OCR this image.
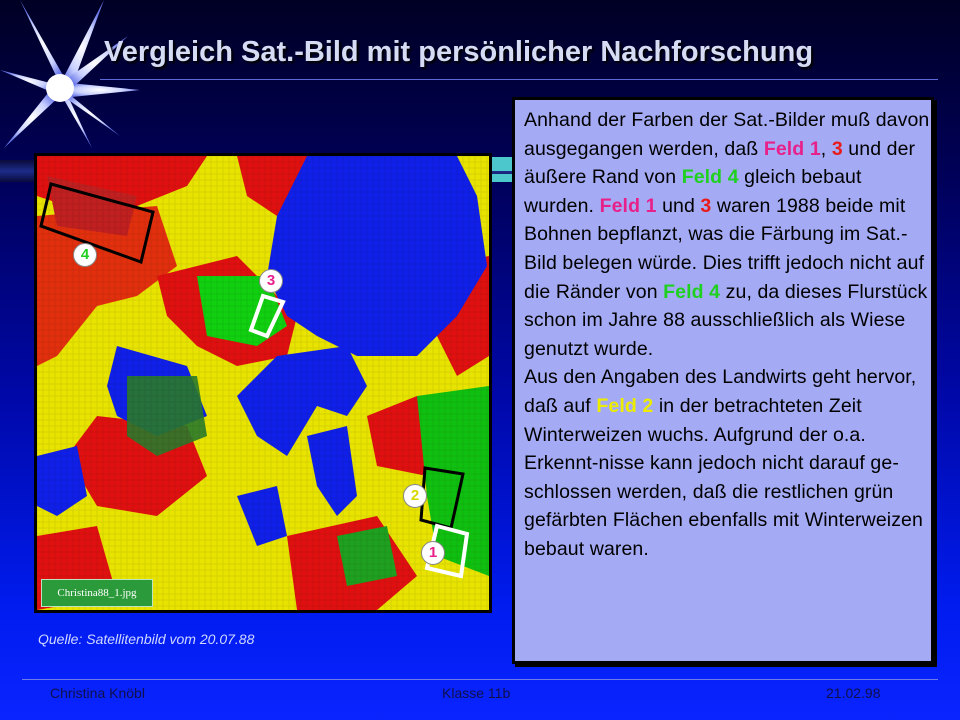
Vergleich Sat.-Bild mit persönlicher Nachforschung
4
3
2
1
Christina88_1.jpg
Quelle: Satellitenbild vom 20.07.88
Anhand der Farben der Sat.-Bilder muß davon ausgegangen werden, daß Feld 1, 3 und der äußere Rand von Feld 4 gleich bebaut wurden. Feld 1 und 3 waren 1988 beide mit Bohnen bepflanzt, was die Färbung im Sat.-Bild belegen würde. Dies trifft jedoch nicht auf die Ränder von Feld 4 zu, da dieses Flurstück schon im Jahre 88 ausschließlich als Wiese genutzt wurde.
Aus den Angaben des Landwirts geht hervor, daß auf Feld 2 in der betrachteten Zeit Winterweizen wuchs. Aufgrund der o.a. Erkennt-nisse kann jedoch nicht darauf ge-schlossen werden, daß die restlichen grün gefärbten Flächen ebenfalls mit Winterweizen bebaut waren.
Christina Knöbl	Klasse 11b	21.02.98
